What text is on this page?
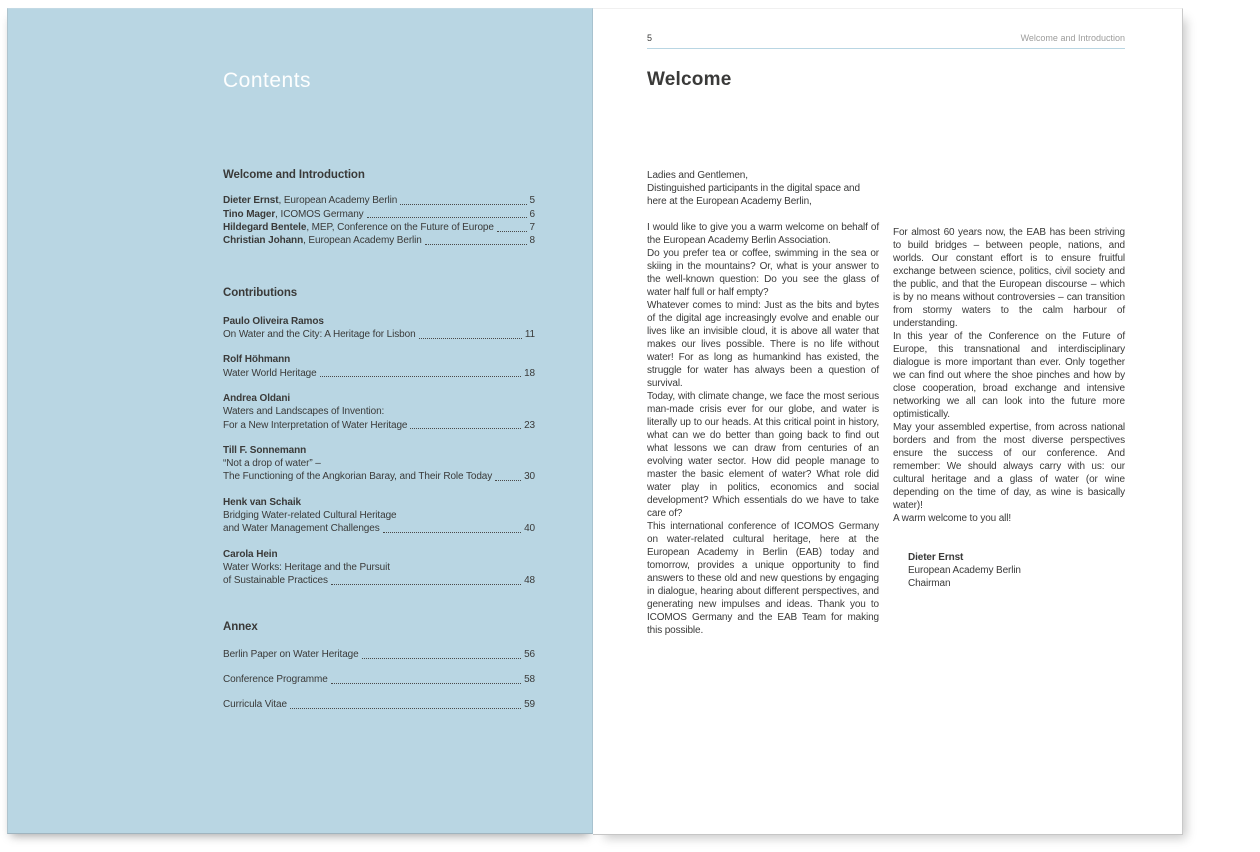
Contents
Welcome and Introduction
Dieter Ernst, European Academy Berlin	5
Tino Mager, ICOMOS Germany	6
Hildegard Bentele, MEP, Conference on the Future of Europe	7
Christian Johann, European Academy Berlin	8
Contributions
Paulo Oliveira Ramos
On Water and the City: A Heritage for Lisbon	11
Rolf Höhmann
Water World Heritage	18
Andrea Oldani
Waters and Landscapes of Invention:
For a New Interpretation of Water Heritage	23
Till F. Sonnemann
“Not a drop of water” –
The Functioning of the Angkorian Baray, and Their Role Today	30
Henk van Schaik
Bridging Water-related Cultural Heritage
and Water Management Challenges	40
Carola Hein
Water Works: Heritage and the Pursuit
of Sustainable Practices	48
Annex
Berlin Paper on Water Heritage	56
Conference Programme	58
Curricula Vitae	59
5	Welcome and Introduction
Welcome
Ladies and Gentlemen,
Distinguished participants in the digital space and
here at the European Academy Berlin,

I would like to give you a warm welcome on behalf of the European Academy Berlin Association.

Do you prefer tea or coffee, swimming in the sea or skiing in the mountains? Or, what is your answer to the well-known question: Do you see the glass of water half full or half empty?

Whatever comes to mind: Just as the bits and bytes of the digital age increasingly evolve and enable our lives like an invisible cloud, it is above all water that makes our lives possible. There is no life without water! For as long as humankind has existed, the struggle for water has always been a question of survival.

Today, with climate change, we face the most serious man-made crisis ever for our globe, and water is literally up to our heads. At this critical point in history, what can we do better than going back to find out what lessons we can draw from centuries of an evolving water sector. How did people manage to master the basic element of water? What role did water play in politics, economics and social development? Which essentials do we have to take care of?

This international conference of ICOMOS Germany on water-related cultural heritage, here at the European Academy in Berlin (EAB) today and tomorrow, provides a unique opportunity to find answers to these old and new questions by engaging in dialogue, hearing about different perspectives, and generating new impulses and ideas. Thank you to ICOMOS Germany and the EAB Team for making this possible.

For almost 60 years now, the EAB has been striving to build bridges – between people, nations, and worlds. Our constant effort is to ensure fruitful exchange between science, politics, civil society and the public, and that the European discourse – which is by no means without controversies – can transition from stormy waters to the calm harbour of understanding.

In this year of the Conference on the Future of Europe, this transnational and interdisciplinary dialogue is more important than ever. Only together we can find out where the shoe pinches and how by close cooperation, broad exchange and intensive networking we all can look into the future more optimistically.

May your assembled expertise, from across national borders and from the most diverse perspectives ensure the success of our conference. And remember: We should always carry with us: our cultural heritage and a glass of water (or wine depending on the time of day, as wine is basically water)!

A warm welcome to you all!

Dieter Ernst
European Academy Berlin
Chairman
